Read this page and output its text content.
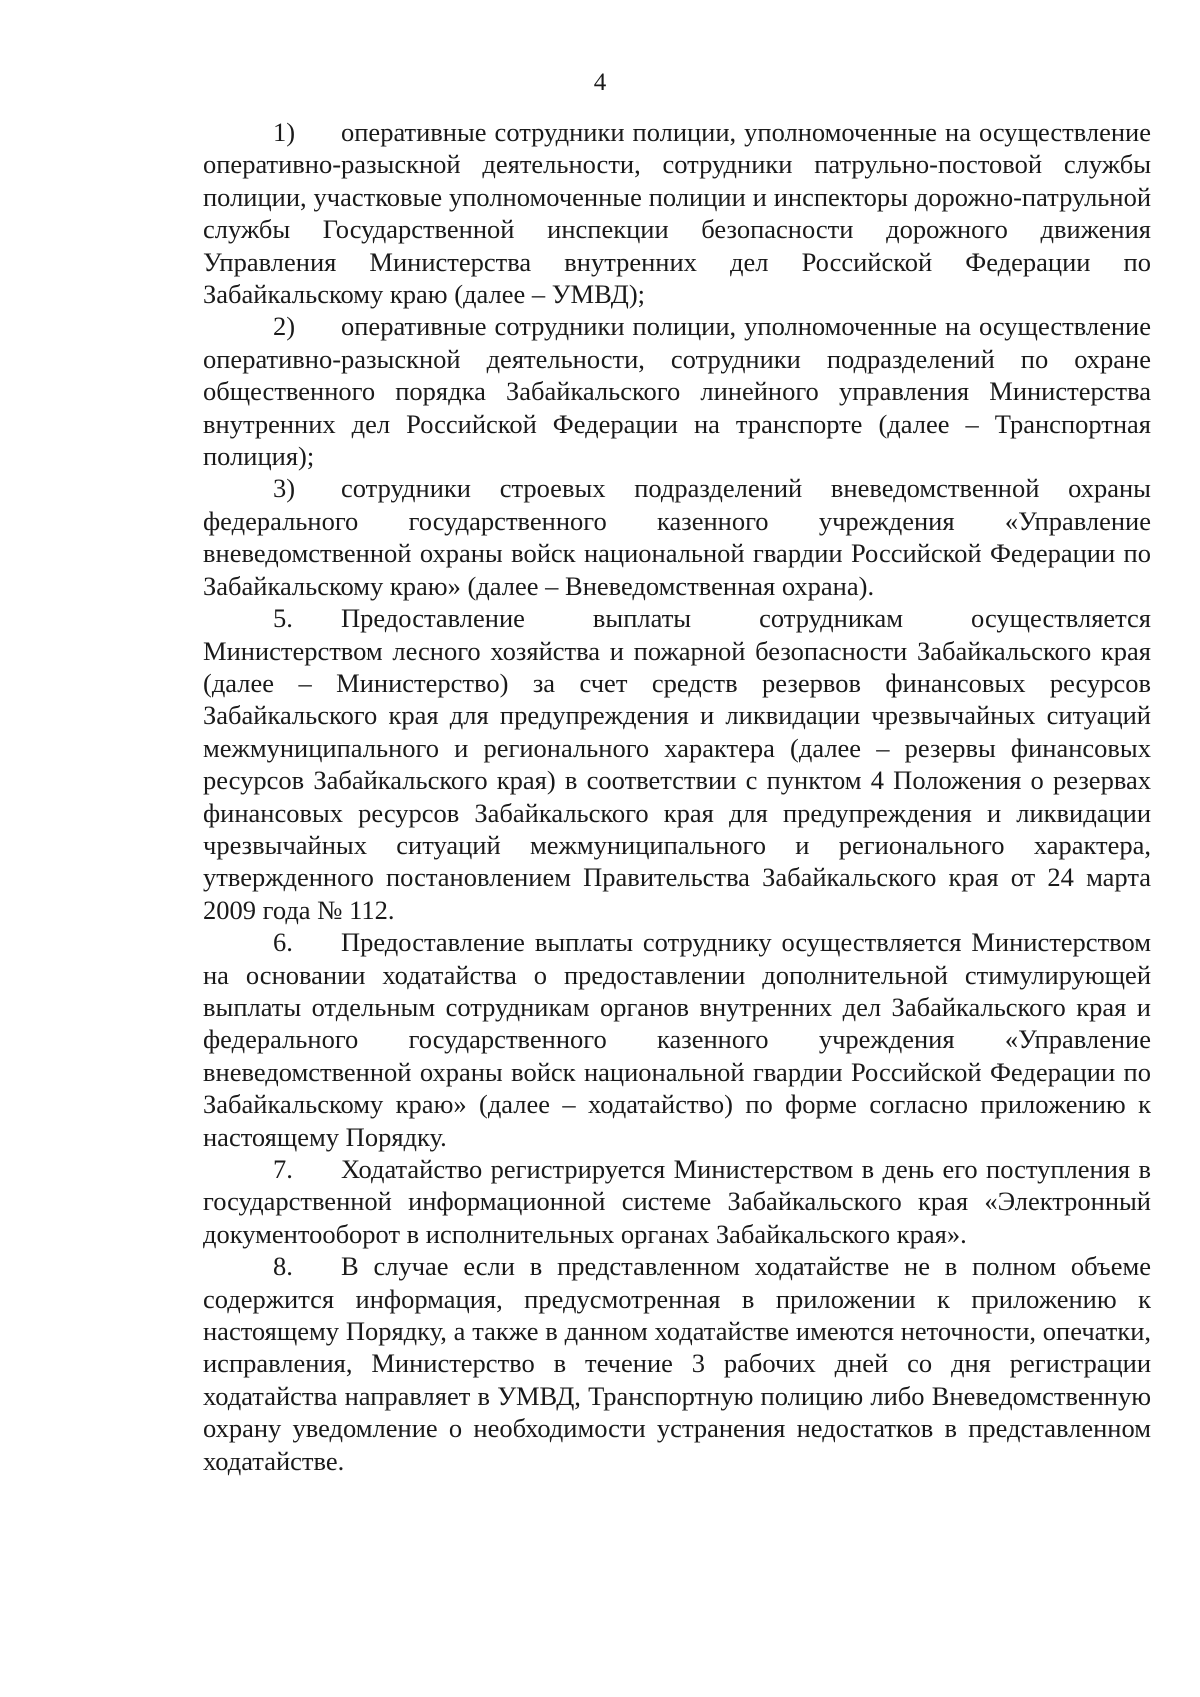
4

1) оперативные сотрудники полиции, уполномоченные на осуществление оперативно-разыскной деятельности, сотрудники патрульно-постовой службы полиции, участковые уполномоченные полиции и инспекторы дорожно-патрульной службы Государственной инспекции безопасности дорожного движения Управления Министерства внутренних дел Российской Федерации по Забайкальскому краю (далее – УМВД);

2) оперативные сотрудники полиции, уполномоченные на осуществление оперативно-разыскной деятельности, сотрудники подразделений по охране общественного порядка Забайкальского линейного управления Министерства внутренних дел Российской Федерации на транспорте (далее – Транспортная полиция);

3) сотрудники строевых подразделений вневедомственной охраны федерального государственного казенного учреждения «Управление вневедомственной охраны войск национальной гвардии Российской Федерации по Забайкальскому краю» (далее – Вневедомственная охрана).

5. Предоставление выплаты сотрудникам осуществляется Министерством лесного хозяйства и пожарной безопасности Забайкальского края (далее – Министерство) за счет средств резервов финансовых ресурсов Забайкальского края для предупреждения и ликвидации чрезвычайных ситуаций межмуниципального и регионального характера (далее – резервы финансовых ресурсов Забайкальского края) в соответствии с пунктом 4 Положения о резервах финансовых ресурсов Забайкальского края для предупреждения и ликвидации чрезвычайных ситуаций межмуниципального и регионального характера, утвержденного постановлением Правительства Забайкальского края от 24 марта 2009 года № 112.

6. Предоставление выплаты сотруднику осуществляется Министерством на основании ходатайства о предоставлении дополнительной стимулирующей выплаты отдельным сотрудникам органов внутренних дел Забайкальского края и федерального государственного казенного учреждения «Управление вневедомственной охраны войск национальной гвардии Российской Федерации по Забайкальскому краю» (далее – ходатайство) по форме согласно приложению к настоящему Порядку.

7. Ходатайство регистрируется Министерством в день его поступления в государственной информационной системе Забайкальского края «Электронный документооборот в исполнительных органах Забайкальского края».

8. В случае если в представленном ходатайстве не в полном объеме содержится информация, предусмотренная в приложении к приложению к настоящему Порядку, а также в данном ходатайстве имеются неточности, опечатки, исправления, Министерство в течение 3 рабочих дней со дня регистрации ходатайства направляет в УМВД, Транспортную полицию либо Вневедомственную охрану уведомление о необходимости устранения недостатков в представленном ходатайстве.
